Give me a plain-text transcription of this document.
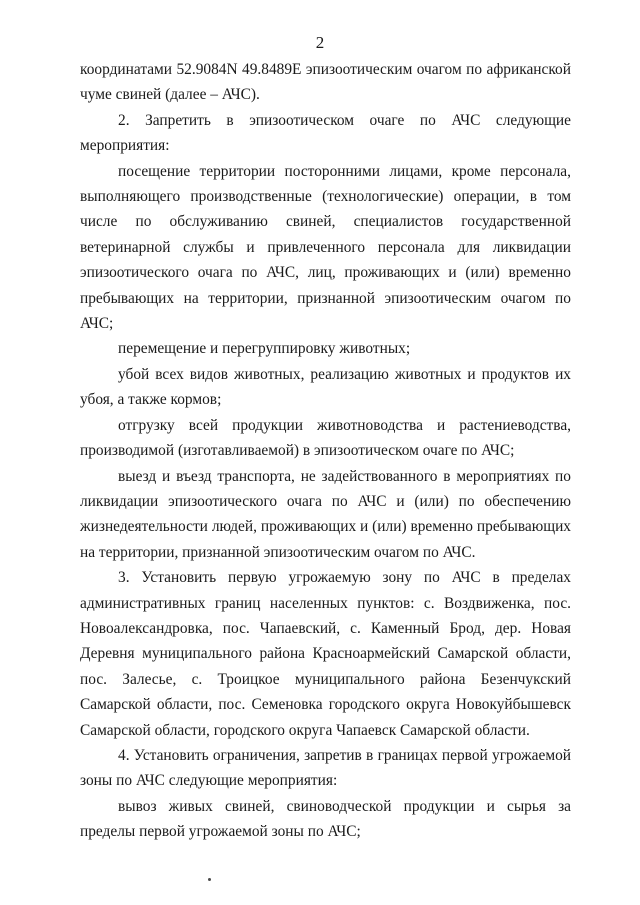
2

координатами 52.9084N 49.8489E эпизоотическим очагом по африканской чуме свиней (далее – АЧС).

2. Запретить в эпизоотическом очаге по АЧС следующие мероприятия:

посещение территории посторонними лицами, кроме персонала, выполняющего производственные (технологические) операции, в том числе по обслуживанию свиней, специалистов государственной ветеринарной службы и привлеченного персонала для ликвидации эпизоотического очага по АЧС, лиц, проживающих и (или) временно пребывающих на территории, признанной эпизоотическим очагом по АЧС;

перемещение и перегруппировку животных;

убой всех видов животных, реализацию животных и продуктов их убоя, а также кормов;

отгрузку всей продукции животноводства и растениеводства, производимой (изготавливаемой) в эпизоотическом очаге по АЧС;

выезд и въезд транспорта, не задействованного в мероприятиях по ликвидации эпизоотического очага по АЧС и (или) по обеспечению жизнедеятельности людей, проживающих и (или) временно пребывающих на территории, признанной эпизоотическим очагом по АЧС.

3. Установить первую угрожаемую зону по АЧС в пределах административных границ населенных пунктов: с. Воздвиженка, пос. Новоалександровка, пос. Чапаевский, с. Каменный Брод, дер. Новая Деревня муниципального района Красноармейский Самарской области, пос. Залесье, с. Троицкое муниципального района Безенчукский Самарской области, пос. Семеновка городского округа Новокуйбышевск Самарской области, городского округа Чапаевск Самарской области.

4. Установить ограничения, запретив в границах первой угрожаемой зоны по АЧС следующие мероприятия:

вывоз живых свиней, свиноводческой продукции и сырья за пределы первой угрожаемой зоны по АЧС;
